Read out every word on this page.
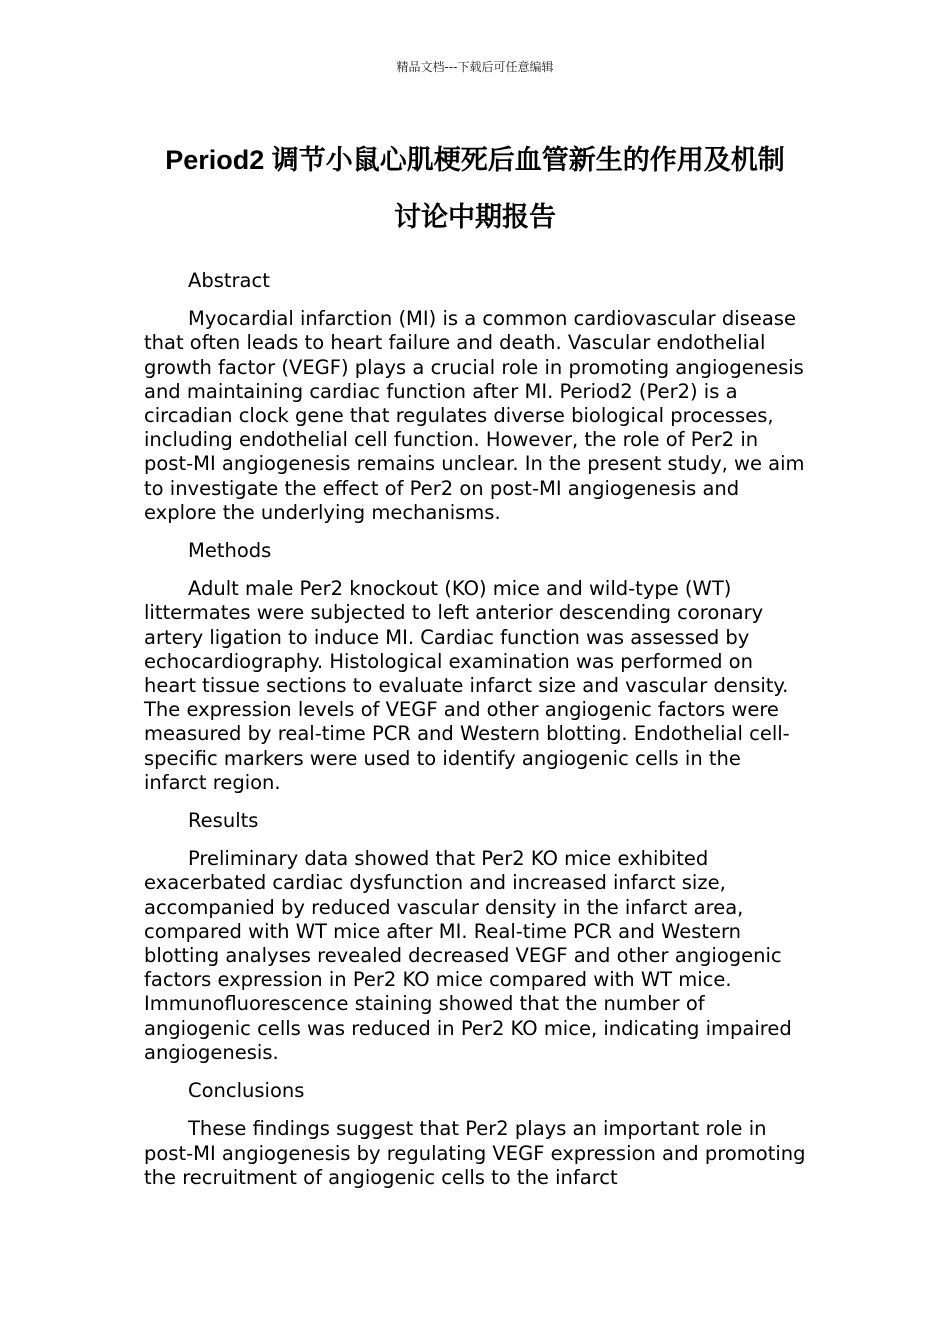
精品文档---下载后可任意编辑
Period2 调节小鼠心肌梗死后血管新生的作用及机制
讨论中期报告

Abstract

Myocardial infarction (MI) is a common cardiovascular disease that often leads to heart failure and death. Vascular endothelial growth factor (VEGF) plays a crucial role in promoting angiogenesis and maintaining cardiac function after MI. Period2 (Per2) is a circadian clock gene that regulates diverse biological processes, including endothelial cell function. However, the role of Per2 in post-MI angiogenesis remains unclear. In the present study, we aim to investigate the effect of Per2 on post-MI angiogenesis and explore the underlying mechanisms.

Methods

Adult male Per2 knockout (KO) mice and wild-type (WT) littermates were subjected to left anterior descending coronary artery ligation to induce MI. Cardiac function was assessed by echocardiography. Histological examination was performed on heart tissue sections to evaluate infarct size and vascular density. The expression levels of VEGF and other angiogenic factors were measured by real-time PCR and Western blotting. Endothelial cell-specific markers were used to identify angiogenic cells in the infarct region.

Results

Preliminary data showed that Per2 KO mice exhibited exacerbated cardiac dysfunction and increased infarct size, accompanied by reduced vascular density in the infarct area, compared with WT mice after MI. Real-time PCR and Western blotting analyses revealed decreased VEGF and other angiogenic factors expression in Per2 KO mice compared with WT mice. Immunofluorescence staining showed that the number of angiogenic cells was reduced in Per2 KO mice, indicating impaired angiogenesis.

Conclusions

These findings suggest that Per2 plays an important role in post-MI angiogenesis by regulating VEGF expression and promoting the recruitment of angiogenic cells to the infarct
